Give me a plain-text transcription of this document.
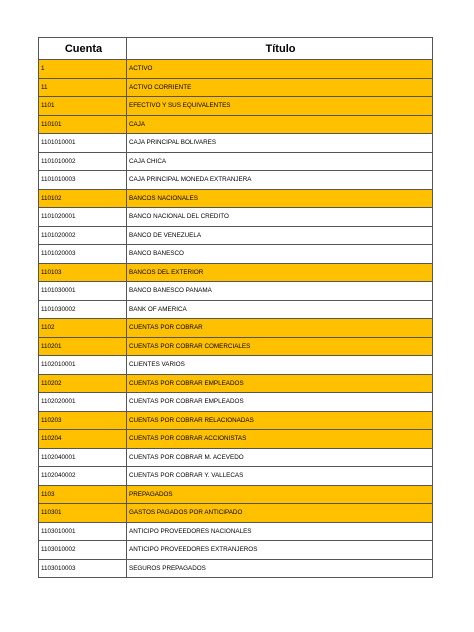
Cuenta	Título
1	ACTIVO
11	ACTIVO CORRIENTE
1101	EFECTIVO Y SUS EQUIVALENTES
110101	CAJA
1101010001	CAJA PRINCIPAL BOLIVARES
1101010002	CAJA CHICA
1101010003	CAJA PRINCIPAL MONEDA EXTRANJERA
110102	BANCOS NACIONALES
1101020001	BANCO NACIONAL DEL CREDITO
1101020002	BANCO DE VENEZUELA
1101020003	BANCO BANESCO
110103	BANCOS DEL EXTERIOR
1101030001	BANCO BANESCO PANAMA
1101030002	BANK OF AMERICA
1102	CUENTAS POR COBRAR
110201	CUENTAS POR COBRAR COMERCIALES
1102010001	CLIENTES VARIOS
110202	CUENTAS POR COBRAR EMPLEADOS
1102020001	CUENTAS POR COBRAR EMPLEADOS
110203	CUENTAS POR COBRAR RELACIONADAS
110204	CUENTAS POR COBRAR ACCIONISTAS
1102040001	CUENTAS POR COBRAR M. ACEVEDO
1102040002	CUENTAS POR COBRAR Y. VALLECAS
1103	PREPAGADOS
110301	GASTOS PAGADOS POR ANTICIPADO
1103010001	ANTICIPO PROVEEDORES NACIONALES
1103010002	ANTICIPO PROVEEDORES EXTRANJEROS
1103010003	SEGUROS PREPAGADOS
